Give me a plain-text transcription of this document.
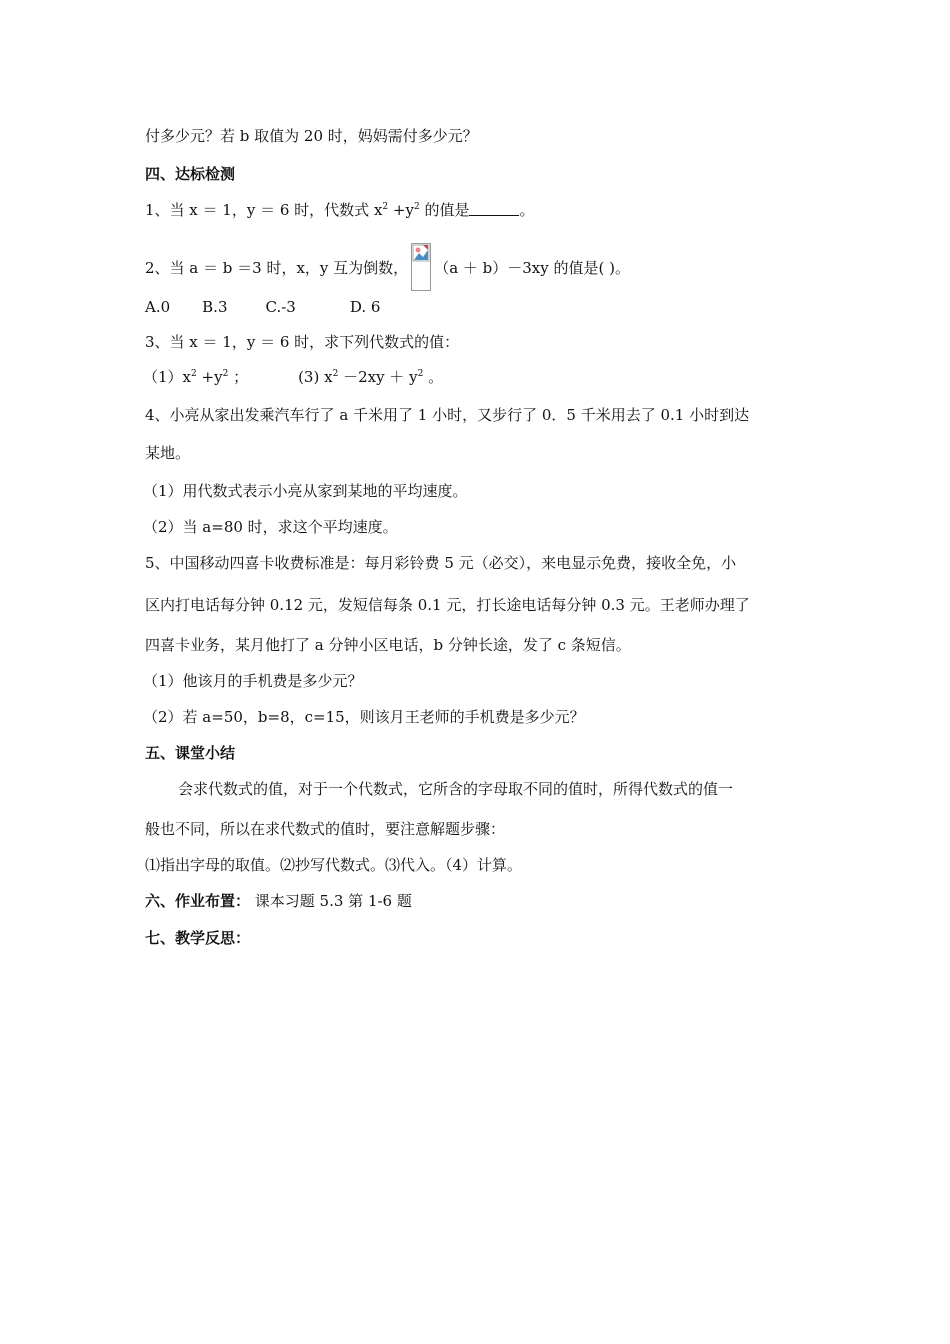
付多少元？若 b 取值为 20 时，妈妈需付多少元？
四、达标检测
1、当 x ＝ 1，y ＝ 6 时，代数式 $x^2 +y^2$ 的值是	。
2、当 a ＝ b ＝3 时，x，y 互为倒数， （a ＋ b）－3xy 的值是( )。
A.0 B.3	C.-3	D. 6
3、当 x ＝ 1，y ＝ 6 时，求下列代数式的值：
$(1)x^2 +y^2$ ；	(3) $x^2 -2xy + y^2$ 。
4、小亮从家出发乘汽车行了 a 千米用了 1 小时，又步行了 0．5 千米用去了 0.1 小时到达
某地。
（1）用代数式表示小亮从家到某地的平均速度。
（2）当 a=80 时，求这个平均速度。
5、中国移动四喜卡收费标准是：每月彩铃费 5 元（必交），来电显示免费，接收全免，小
区内打电话每分钟 0.12 元，发短信每条 0.1 元，打长途电话每分钟 0.3 元。王老师办理了
四喜卡业务，某月他打了 a 分钟小区电话，b 分钟长途，发了 c 条短信。
（1）他该月的手机费是多少元？
（2）若 a=50，b=8，c=15，则该月王老师的手机费是多少元？
五、课堂小结
会求代数式的值，对于一个代数式，它所含的字母取不同的值时，所得代数式的值一
般也不同，所以在求代数式的值时，要注意解题步骤：
⑴指出字母的取值。⑵抄写代数式。⑶代入。（4）计算。
六、作业布置： 课本习题 5.3 第 1-6 题
七、教学反思：
